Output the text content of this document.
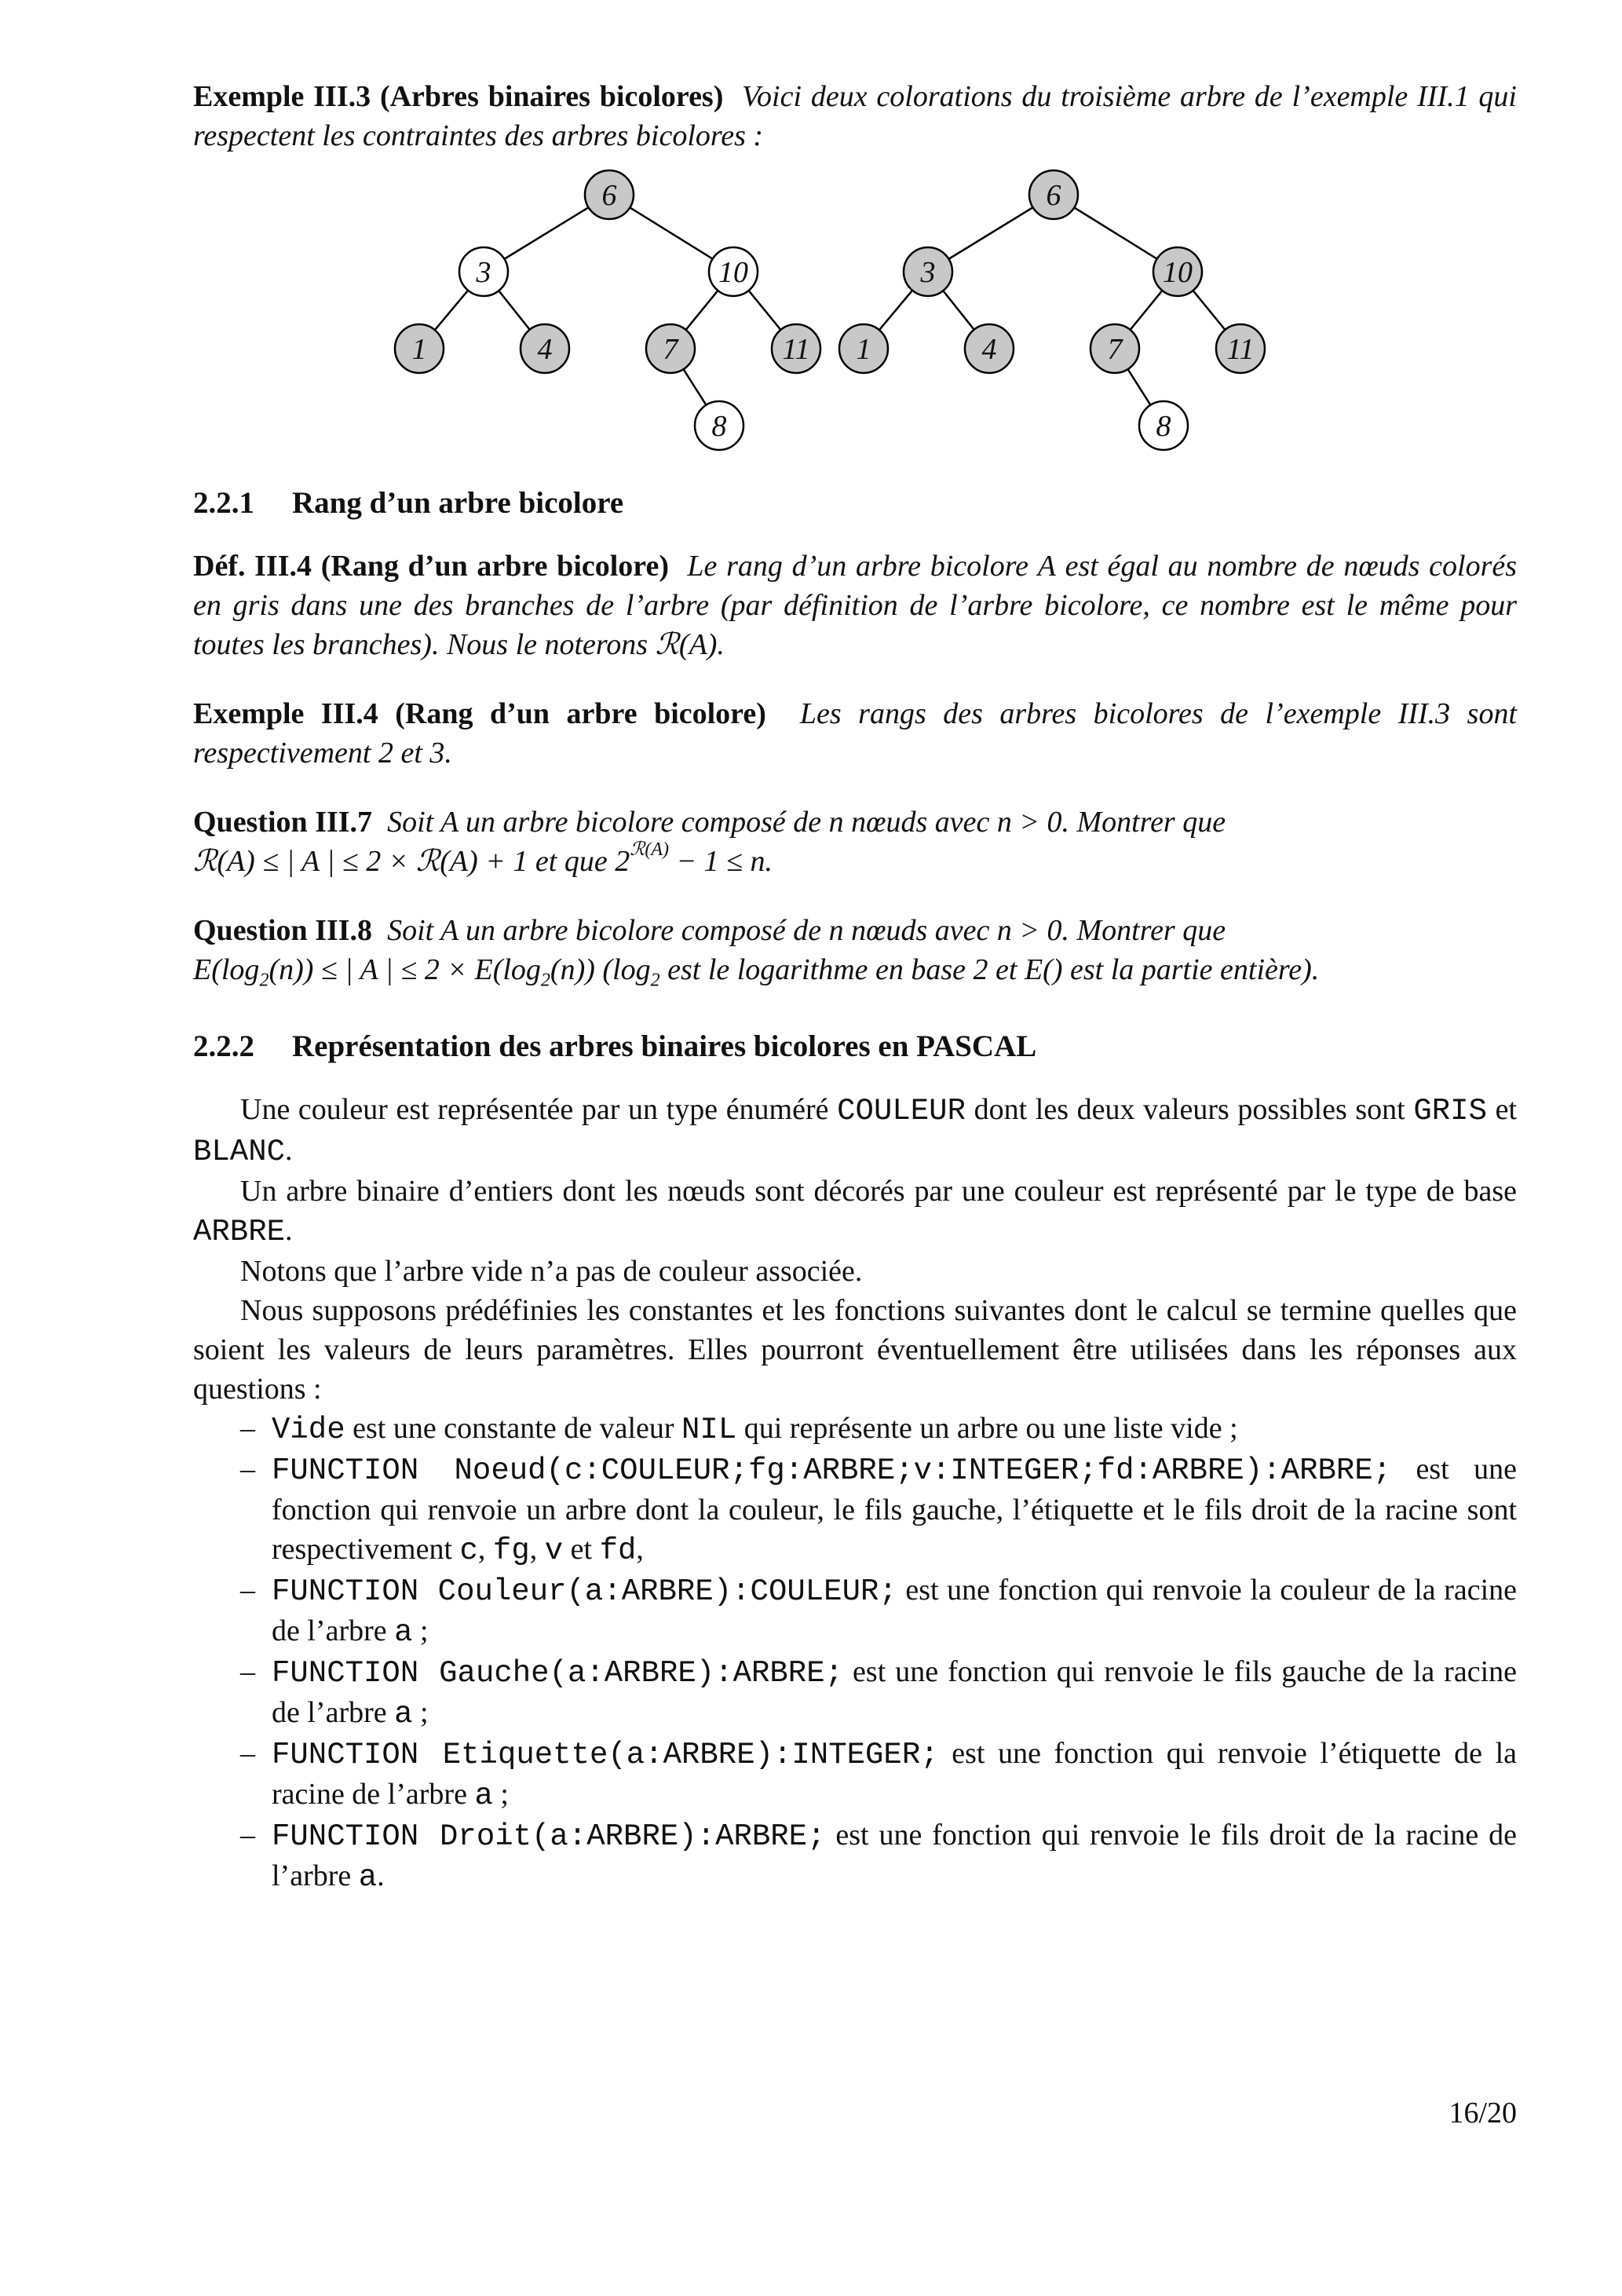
Exemple III.3 (Arbres binaires bicolores) Voici deux colorations du troisième arbre de l’exemple III.1 qui respectent les contraintes des arbres bicolores :

6
3	10
1	4	7	11
8
6
3	10
1	4	7	11
8
2.2.1 Rang d’un arbre bicolore

Déf. III.4 (Rang d’un arbre bicolore) Le rang d’un arbre bicolore A est égal au nombre de nœuds colorés en gris dans une des branches de l’arbre (par définition de l’arbre bicolore, ce nombre est le même pour toutes les branches). Nous le noterons ℛ(A).

Exemple III.4 (Rang d’un arbre bicolore) Les rangs des arbres bicolores de l’exemple III.3 sont respectivement 2 et 3.

Question III.7 Soit A un arbre bicolore composé de n nœuds avec n > 0. Montrer que
ℛ(A) ≤ | A | ≤ 2 × ℛ(A) + 1 et que $2^{ℛ(A)} - 1 \le n$.

Question III.8 Soit A un arbre bicolore composé de n nœuds avec n > 0. Montrer que
$E(\log_2(n))$ ≤ | A | ≤ $2 \times E(\log_2(n))$ ($\log_2$ est le logarithme en base 2 et E() est la partie entière).

2.2.2 Représentation des arbres binaires bicolores en PASCAL

Une couleur est représentée par un type énuméré COULEUR dont les deux valeurs possibles sont GRIS et BLANC.

Un arbre binaire d’entiers dont les nœuds sont décorés par une couleur est représenté par le type de base ARBRE.

Notons que l’arbre vide n’a pas de couleur associée.

Nous supposons prédéfinies les constantes et les fonctions suivantes dont le calcul se termine quelles que soient les valeurs de leurs paramètres. Elles pourront éventuellement être utilisées dans les réponses aux questions :

– Vide est une constante de valeur NIL qui représente un arbre ou une liste vide ;
– FUNCTION Noeud(c:COULEUR;fg:ARBRE;v:INTEGER;fd:ARBRE):ARBRE; est une fonction qui renvoie un arbre dont la couleur, le fils gauche, l’étiquette et le fils droit de la racine sont respectivement c, fg, v et fd,
– FUNCTION Couleur(a:ARBRE):COULEUR; est une fonction qui renvoie la couleur de la racine de l’arbre a ;
– FUNCTION Gauche(a:ARBRE):ARBRE; est une fonction qui renvoie le fils gauche de la racine de l’arbre a ;
– FUNCTION Etiquette(a:ARBRE):INTEGER; est une fonction qui renvoie l’étiquette de la racine de l’arbre a ;
– FUNCTION Droit(a:ARBRE):ARBRE; est une fonction qui renvoie le fils droit de la racine de l’arbre a.
16/20
